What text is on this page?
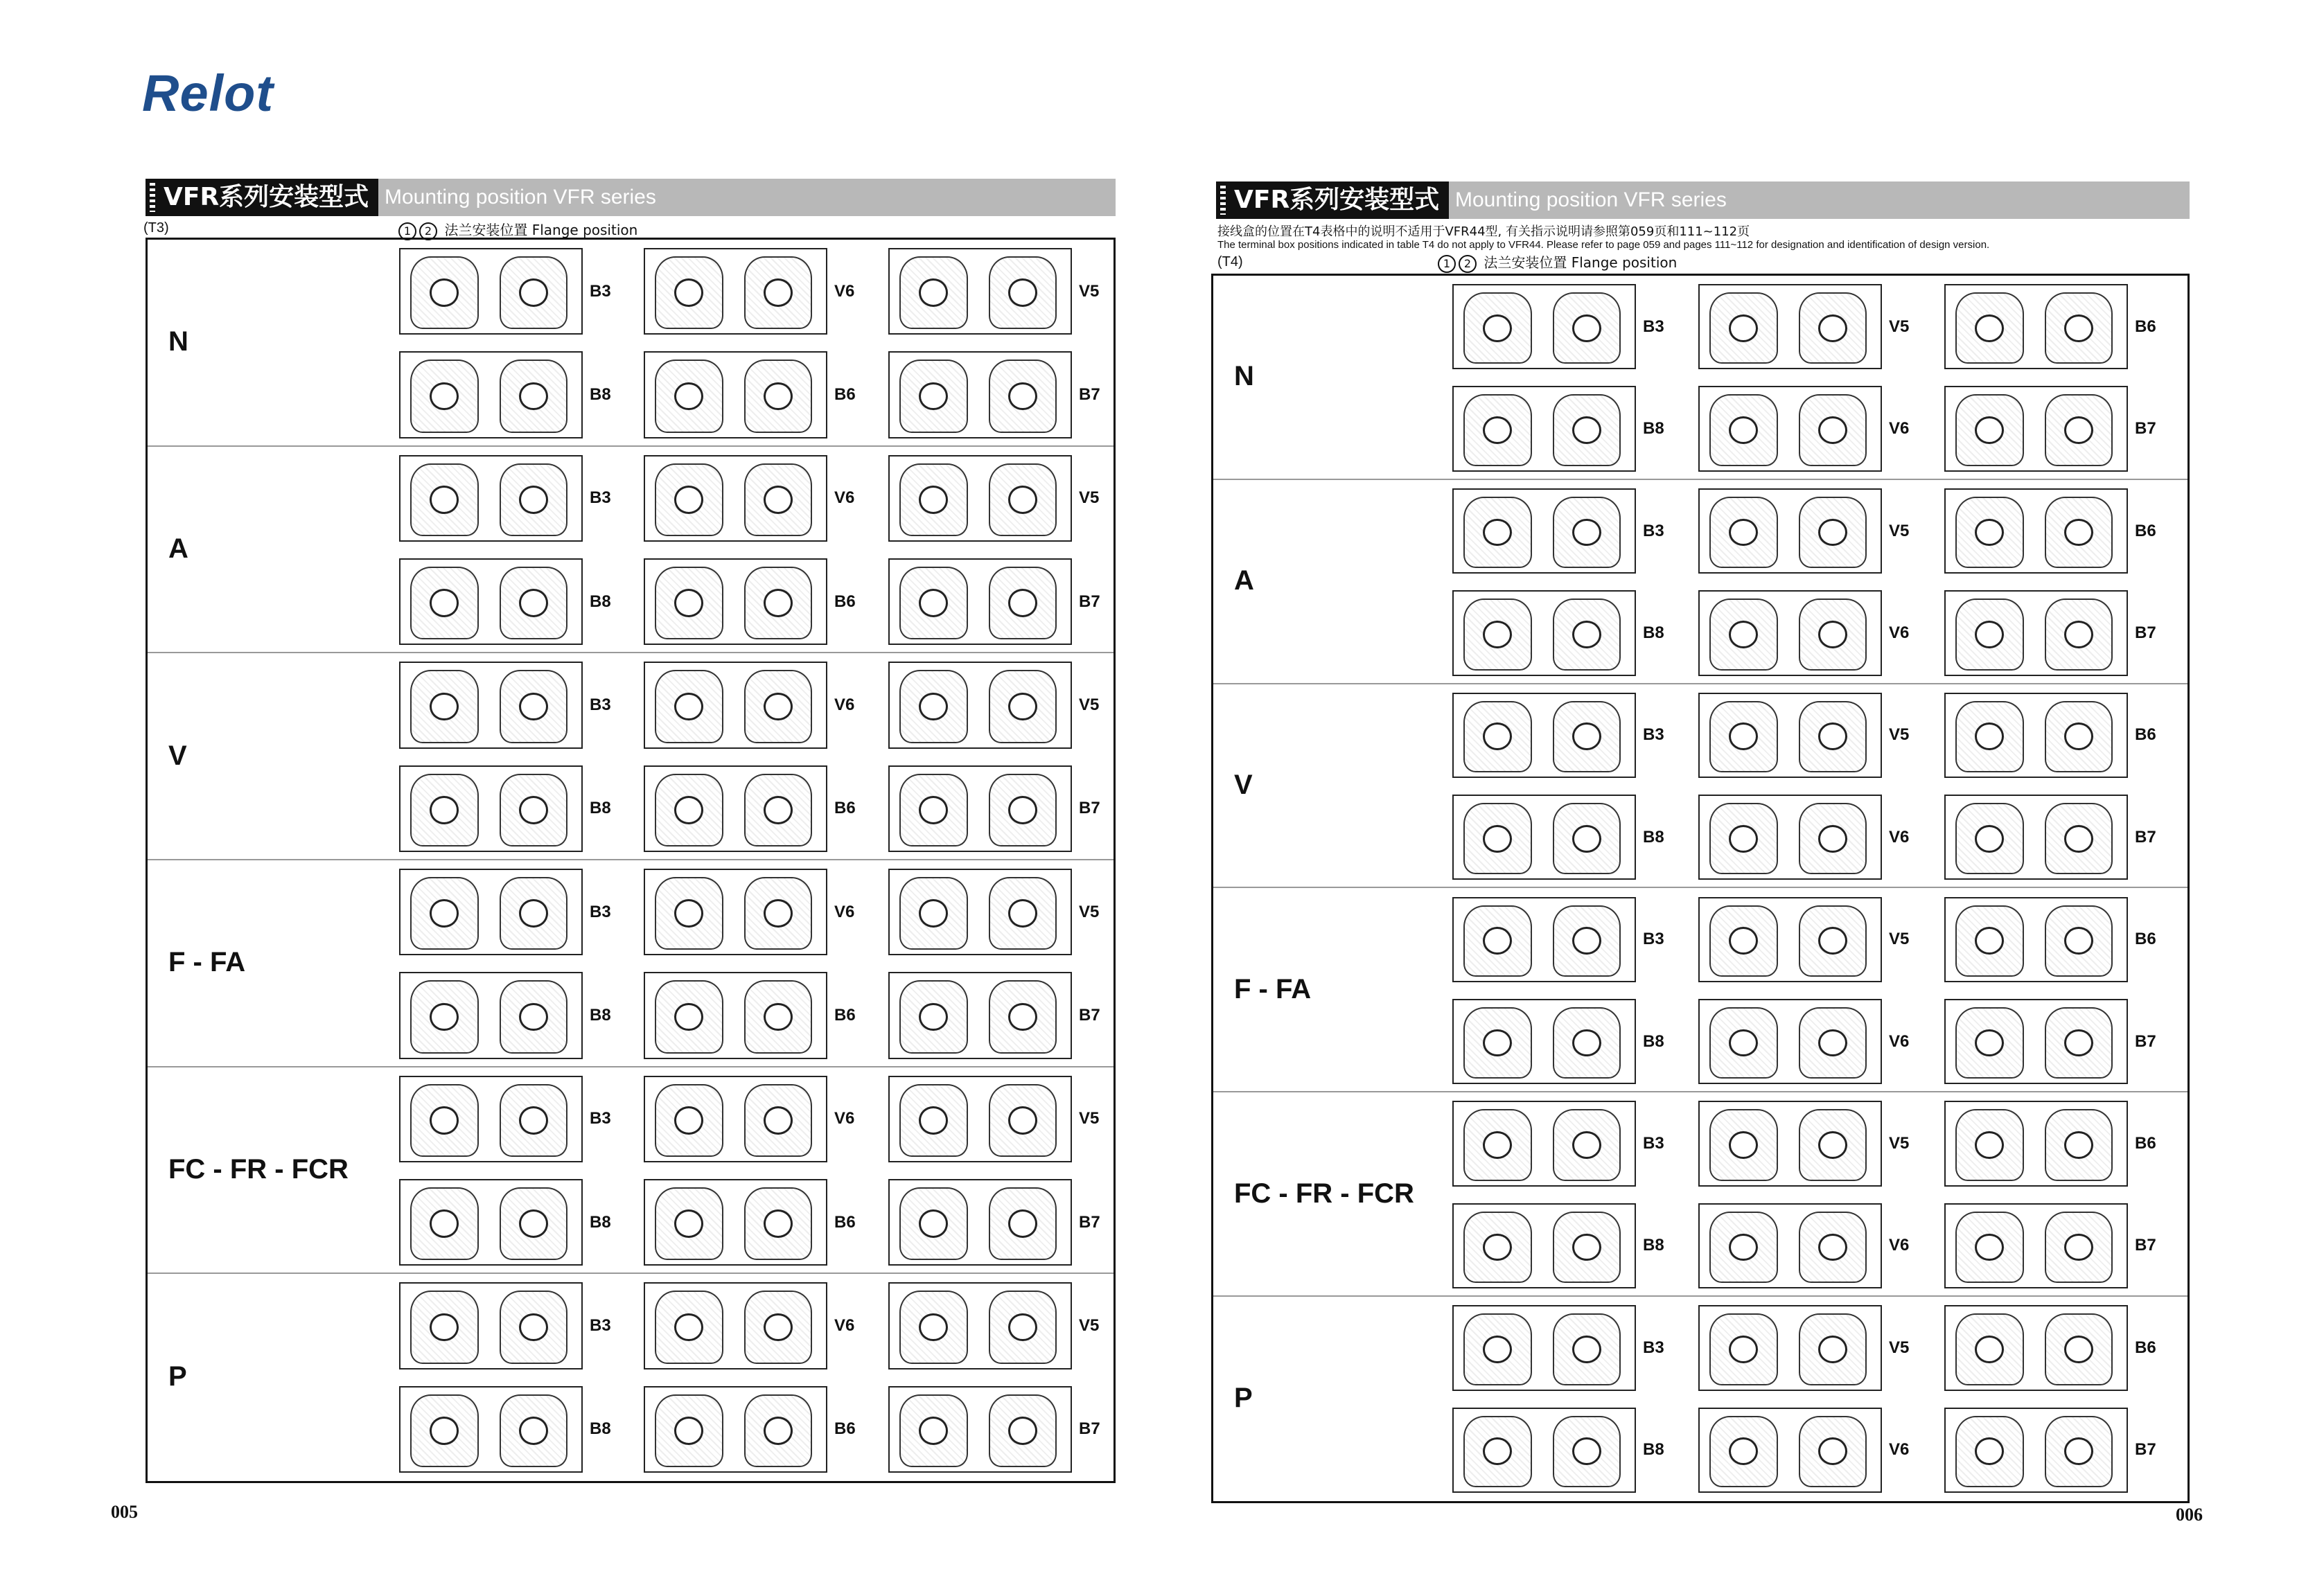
Relot
VFR系列安装型式 Mounting position VFR series
(T3)	1 2 法兰安装位置 Flange position
N
B3	V6	V5
B8	B6	B7
A
B3	V6	V5
B8	B6	B7
V
B3	V6	V5
B8	B6	B7
F - FA
B3	V6	V5
B8	B6	B7
FC - FR - FCR
B3	V6	V5
B8	B6	B7
P
B3	V6	V5
B8	B6	B7
005
VFR系列安装型式 Mounting position VFR series
接线盒的位置在T4表格中的说明不适用于VFR44型, 有关指示说明请参照第059页和111~112页
The terminal box positions indicated in table T4 do not apply to VFR44. Please refer to page 059 and pages 111~112 for designation and identification of design version.
(T4)	1 2 法兰安装位置 Flange position
N
B3	V5	B6
B8	V6	B7
A
B3	V5	B6
B8	V6	B7
V
B3	V5	B6
B8	V6	B7
F - FA
B3	V5	B6
B8	V6	B7
FC - FR - FCR
B3	V5	B6
B8	V6	B7
P
B3	V5	B6
B8	V6	B7
006
